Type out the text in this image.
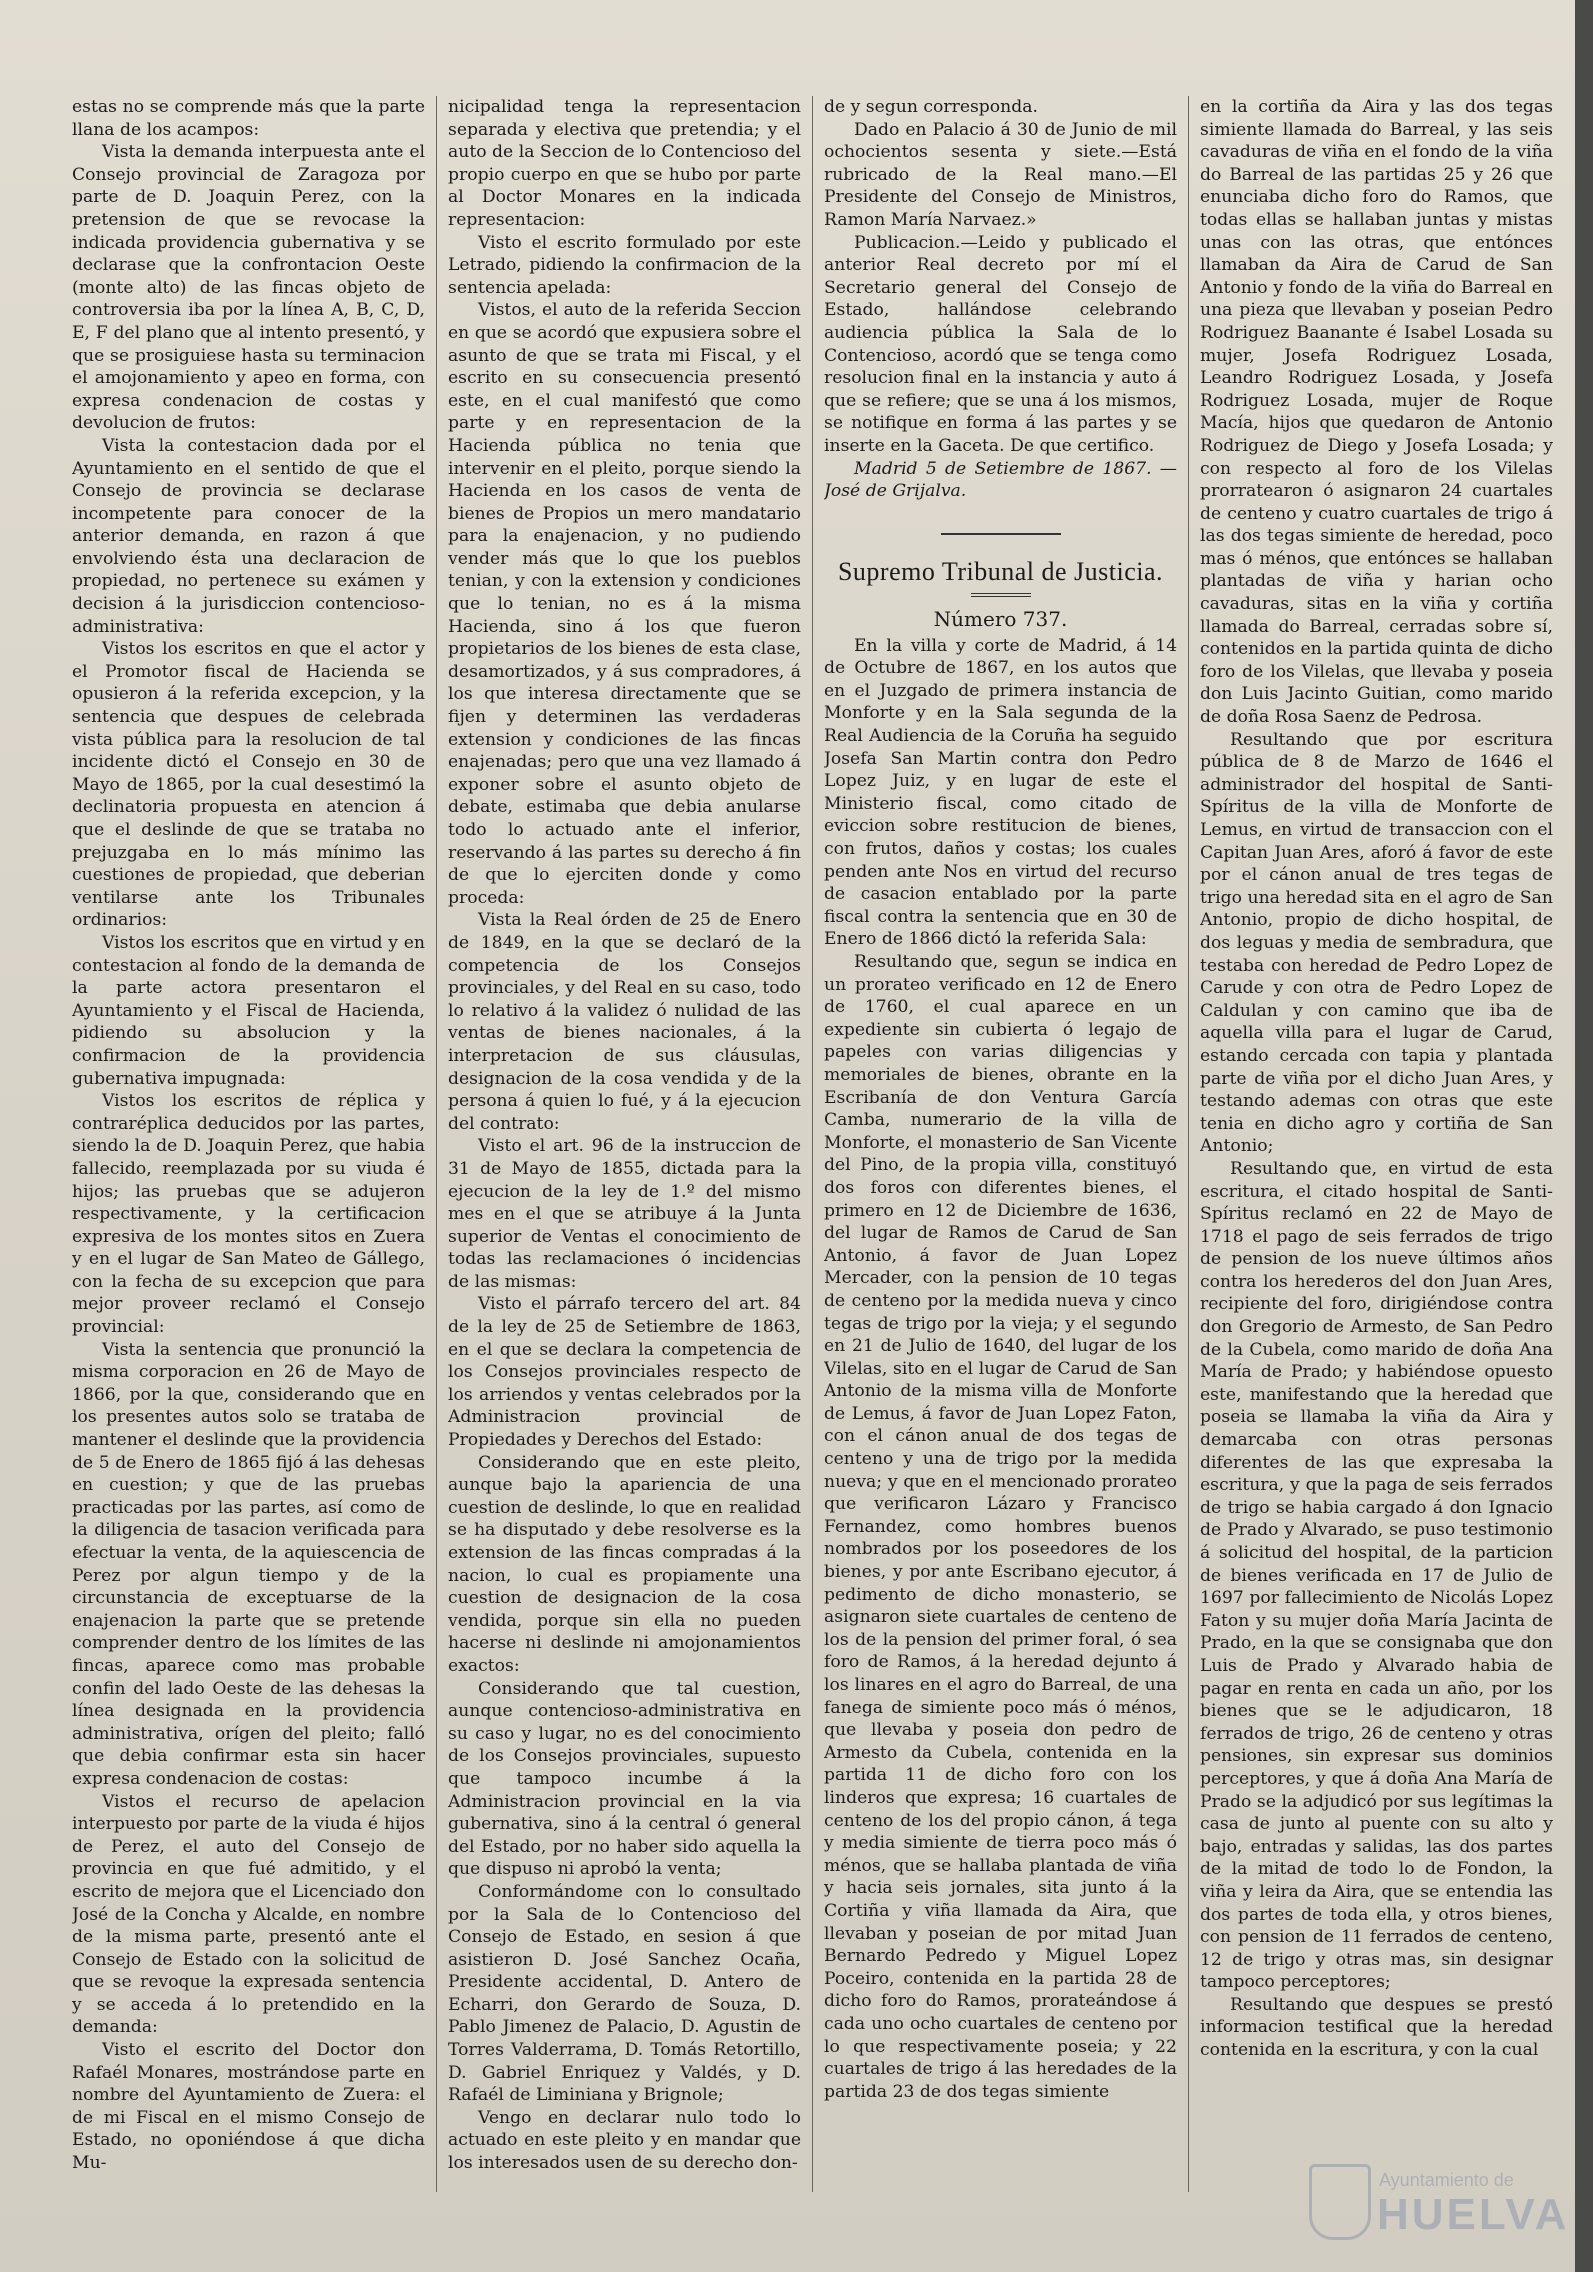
estas no se comprende más que la parte llana de los acampos:

Vista la demanda interpuesta ante el Consejo provincial de Zaragoza por parte de D. Joaquin Perez, con la pretension de que se revocase la indicada providencia gubernativa y se declarase que la confrontacion Oeste (monte alto) de las fincas objeto de controversia iba por la línea A, B, C, D, E, F del plano que al intento presentó, y que se prosiguiese hasta su terminacion el amojonamiento y apeo en forma, con expresa condenacion de costas y devolucion de frutos:

Vista la contestacion dada por el Ayuntamiento en el sentido de que el Consejo de provincia se declarase incompetente para conocer de la anterior demanda, en razon á que envolviendo ésta una declaracion de propiedad, no pertenece su exámen y decision á la jurisdiccion contencioso-administrativa:

Vistos los escritos en que el actor y el Promotor fiscal de Hacienda se opusieron á la referida excepcion, y la sentencia que despues de celebrada vista pública para la resolucion de tal incidente dictó el Consejo en 30 de Mayo de 1865, por la cual desestimó la declinatoria propuesta en atencion á que el deslinde de que se trataba no prejuzgaba en lo más mínimo las cuestiones de propiedad, que deberian ventilarse ante los Tribunales ordinarios:

Vistos los escritos que en virtud y en contestacion al fondo de la demanda de la parte actora presentaron el Ayuntamiento y el Fiscal de Hacienda, pidiendo su absolucion y la confirmacion de la providencia gubernativa impugnada:

Vistos los escritos de réplica y contraréplica deducidos por las partes, siendo la de D. Joaquin Perez, que habia fallecido, reemplazada por su viuda é hijos; las pruebas que se adujeron respectivamente, y la certificacion expresiva de los montes sitos en Zuera y en el lugar de San Mateo de Gállego, con la fecha de su excepcion que para mejor proveer reclamó el Consejo provincial:

Vista la sentencia que pronunció la misma corporacion en 26 de Mayo de 1866, por la que, considerando que en los presentes autos solo se trataba de mantener el deslinde que la providencia de 5 de Enero de 1865 fijó á las dehesas en cuestion; y que de las pruebas practicadas por las partes, así como de la diligencia de tasacion verificada para efectuar la venta, de la aquiescencia de Perez por algun tiempo y de la circunstancia de exceptuarse de la enajenacion la parte que se pretende comprender dentro de los límites de las fincas, aparece como mas probable confin del lado Oeste de las dehesas la línea designada en la providencia administrativa, orígen del pleito; falló que debia confirmar esta sin hacer expresa condenacion de costas:

Vistos el recurso de apelacion interpuesto por parte de la viuda é hijos de Perez, el auto del Consejo de provincia en que fué admitido, y el escrito de mejora que el Licenciado don José de la Concha y Alcalde, en nombre de la misma parte, presentó ante el Consejo de Estado con la solicitud de que se revoque la expresada sentencia y se acceda á lo pretendido en la demanda:

Visto el escrito del Doctor don Rafaél Monares, mostrándose parte en nombre del Ayuntamiento de Zuera: el de mi Fiscal en el mismo Consejo de Estado, no oponiéndose á que dicha Mu-

nicipalidad tenga la representacion separada y electiva que pretendia; y el auto de la Seccion de lo Contencioso del propio cuerpo en que se hubo por parte al Doctor Monares en la indicada representacion:

Visto el escrito formulado por este Letrado, pidiendo la confirmacion de la sentencia apelada:

Vistos, el auto de la referida Seccion en que se acordó que expusiera sobre el asunto de que se trata mi Fiscal, y el escrito en su consecuencia presentó este, en el cual manifestó que como parte y en representacion de la Hacienda pública no tenia que intervenir en el pleito, porque siendo la Hacienda en los casos de venta de bienes de Propios un mero mandatario para la enajenacion, y no pudiendo vender más que lo que los pueblos tenian, y con la extension y condiciones que lo tenian, no es á la misma Hacienda, sino á los que fueron propietarios de los bienes de esta clase, desamortizados, y á sus compradores, á los que interesa directamente que se fijen y determinen las verdaderas extension y condiciones de las fincas enajenadas; pero que una vez llamado á exponer sobre el asunto objeto de debate, estimaba que debia anularse todo lo actuado ante el inferior, reservando á las partes su derecho á fin de que lo ejerciten donde y como proceda:

Vista la Real órden de 25 de Enero de 1849, en la que se declaró de la competencia de los Consejos provinciales, y del Real en su caso, todo lo relativo á la validez ó nulidad de las ventas de bienes nacionales, á la interpretacion de sus cláusulas, designacion de la cosa vendida y de la persona á quien lo fué, y á la ejecucion del contrato:

Visto el art. 96 de la instruccion de 31 de Mayo de 1855, dictada para la ejecucion de la ley de 1.º del mismo mes en el que se atribuye á la Junta superior de Ventas el conocimiento de todas las reclamaciones ó incidencias de las mismas:

Visto el párrafo tercero del art. 84 de la ley de 25 de Setiembre de 1863, en el que se declara la competencia de los Consejos provinciales respecto de los arriendos y ventas celebrados por la Administracion provincial de Propiedades y Derechos del Estado:

Considerando que en este pleito, aunque bajo la apariencia de una cuestion de deslinde, lo que en realidad se ha disputado y debe resolverse es la extension de las fincas compradas á la nacion, lo cual es propiamente una cuestion de designacion de la cosa vendida, porque sin ella no pueden hacerse ni deslinde ni amojonamientos exactos:

Considerando que tal cuestion, aunque contencioso-administrativa en su caso y lugar, no es del conocimiento de los Consejos provinciales, supuesto que tampoco incumbe á la Administracion provincial en la via gubernativa, sino á la central ó general del Estado, por no haber sido aquella la que dispuso ni aprobó la venta;

Conformándome con lo consultado por la Sala de lo Contencioso del Consejo de Estado, en sesion á que asistieron D. José Sanchez Ocaña, Presidente accidental, D. Antero de Echarri, don Gerardo de Souza, D. Pablo Jimenez de Palacio, D. Agustin de Torres Valderrama, D. Tomás Retortillo, D. Gabriel Enriquez y Valdés, y D. Rafaél de Liminiana y Brignole;

Vengo en declarar nulo todo lo actuado en este pleito y en mandar que los interesados usen de su derecho don-

de y segun corresponda.

Dado en Palacio á 30 de Junio de mil ochocientos sesenta y siete.—Está rubricado de la Real mano.—El Presidente del Consejo de Ministros, Ramon María Narvaez.»

Publicacion.—Leido y publicado el anterior Real decreto por mí el Secretario general del Consejo de Estado, hallándose celebrando audiencia pública la Sala de lo Contencioso, acordó que se tenga como resolucion final en la instancia y auto á que se refiere; que se una á los mismos, se notifique en forma á las partes y se inserte en la Gaceta. De que certifico.

Madrid 5 de Setiembre de 1867. — José de Grijalva.

Supremo Tribunal de Justicia.
Número 737.

En la villa y corte de Madrid, á 14 de Octubre de 1867, en los autos que en el Juzgado de primera instancia de Monforte y en la Sala segunda de la Real Audiencia de la Coruña ha seguido Josefa San Martin contra don Pedro Lopez Juiz, y en lugar de este el Ministerio fiscal, como citado de eviccion sobre restitucion de bienes, con frutos, daños y costas; los cuales penden ante Nos en virtud del recurso de casacion entablado por la parte fiscal contra la sentencia que en 30 de Enero de 1866 dictó la referida Sala:

Resultando que, segun se indica en un prorateo verificado en 12 de Enero de 1760, el cual aparece en un expediente sin cubierta ó legajo de papeles con varias diligencias y memoriales de bienes, obrante en la Escribanía de don Ventura García Camba, numerario de la villa de Monforte, el monasterio de San Vicente del Pino, de la propia villa, constituyó dos foros con diferentes bienes, el primero en 12 de Diciembre de 1636, del lugar de Ramos de Carud de San Antonio, á favor de Juan Lopez Mercader, con la pension de 10 tegas de centeno por la medida nueva y cinco tegas de trigo por la vieja; y el segundo en 21 de Julio de 1640, del lugar de los Vilelas, sito en el lugar de Carud de San Antonio de la misma villa de Monforte de Lemus, á favor de Juan Lopez Faton, con el cánon anual de dos tegas de centeno y una de trigo por la medida nueva; y que en el mencionado prorateo que verificaron Lázaro y Francisco Fernandez, como hombres buenos nombrados por los poseedores de los bienes, y por ante Escribano ejecutor, á pedimento de dicho monasterio, se asignaron siete cuartales de centeno de los de la pension del primer foral, ó sea foro de Ramos, á la heredad dejunto á los linares en el agro do Barreal, de una fanega de simiente poco más ó ménos, que llevaba y poseia don pedro de Armesto da Cubela, contenida en la partida 11 de dicho foro con los linderos que expresa; 16 cuartales de centeno de los del propio cánon, á tega y media simiente de tierra poco más ó ménos, que se hallaba plantada de viña y hacia seis jornales, sita junto á la Cortiña y viña llamada da Aira, que llevaban y poseian de por mitad Juan Bernardo Pedredo y Miguel Lopez Poceiro, contenida en la partida 28 de dicho foro do Ramos, prorateándose á cada uno ocho cuartales de centeno por lo que respectivamente poseia; y 22 cuartales de trigo á las heredades de la partida 23 de dos tegas simiente

en la cortiña da Aira y las dos tegas simiente llamada do Barreal, y las seis cavaduras de viña en el fondo de la viña do Barreal de las partidas 25 y 26 que enunciaba dicho foro do Ramos, que todas ellas se hallaban juntas y mistas unas con las otras, que entónces llamaban da Aira de Carud de San Antonio y fondo de la viña do Barreal en una pieza que llevaban y poseian Pedro Rodriguez Baanante é Isabel Losada su mujer, Josefa Rodriguez Losada, Leandro Rodriguez Losada, y Josefa Rodriguez Losada, mujer de Roque Macía, hijos que quedaron de Antonio Rodriguez de Diego y Josefa Losada; y con respecto al foro de los Vilelas prorratearon ó asignaron 24 cuartales de centeno y cuatro cuartales de trigo á las dos tegas simiente de heredad, poco mas ó ménos, que entónces se hallaban plantadas de viña y harian ocho cavaduras, sitas en la viña y cortiña llamada do Barreal, cerradas sobre sí, contenidos en la partida quinta de dicho foro de los Vilelas, que llevaba y poseia don Luis Jacinto Guitian, como marido de doña Rosa Saenz de Pedrosa.

Resultando que por escritura pública de 8 de Marzo de 1646 el administrador del hospital de Santi-Spíritus de la villa de Monforte de Lemus, en virtud de transaccion con el Capitan Juan Ares, aforó á favor de este por el cánon anual de tres tegas de trigo una heredad sita en el agro de San Antonio, propio de dicho hospital, de dos leguas y media de sembradura, que testaba con heredad de Pedro Lopez de Carude y con otra de Pedro Lopez de Caldulan y con camino que iba de aquella villa para el lugar de Carud, estando cercada con tapia y plantada parte de viña por el dicho Juan Ares, y testando ademas con otras que este tenia en dicho agro y cortiña de San Antonio;

Resultando que, en virtud de esta escritura, el citado hospital de Santi-Spíritus reclamó en 22 de Mayo de 1718 el pago de seis ferrados de trigo de pension de los nueve últimos años contra los herederos del don Juan Ares, recipiente del foro, dirigiéndose contra don Gregorio de Armesto, de San Pedro de la Cubela, como marido de doña Ana María de Prado; y habiéndose opuesto este, manifestando que la heredad que poseia se llamaba la viña da Aira y demarcaba con otras personas diferentes de las que expresaba la escritura, y que la paga de seis ferrados de trigo se habia cargado á don Ignacio de Prado y Alvarado, se puso testimonio á solicitud del hospital, de la particion de bienes verificada en 17 de Julio de 1697 por fallecimiento de Nicolás Lopez Faton y su mujer doña María Jacinta de Prado, en la que se consignaba que don Luis de Prado y Alvarado habia de pagar en renta en cada un año, por los bienes que se le adjudicaron, 18 ferrados de trigo, 26 de centeno y otras pensiones, sin expresar sus dominios perceptores, y que á doña Ana María de Prado se la adjudicó por sus legítimas la casa de junto al puente con su alto y bajo, entradas y salidas, las dos partes de la mitad de todo lo de Fondon, la viña y leira da Aira, que se entendia las dos partes de toda ella, y otros bienes, con pension de 11 ferrados de centeno, 12 de trigo y otras mas, sin designar tampoco perceptores;

Resultando que despues se prestó informacion testifical que la heredad contenida en la escritura, y con la cual

Ayuntamiento de
HUELVA
